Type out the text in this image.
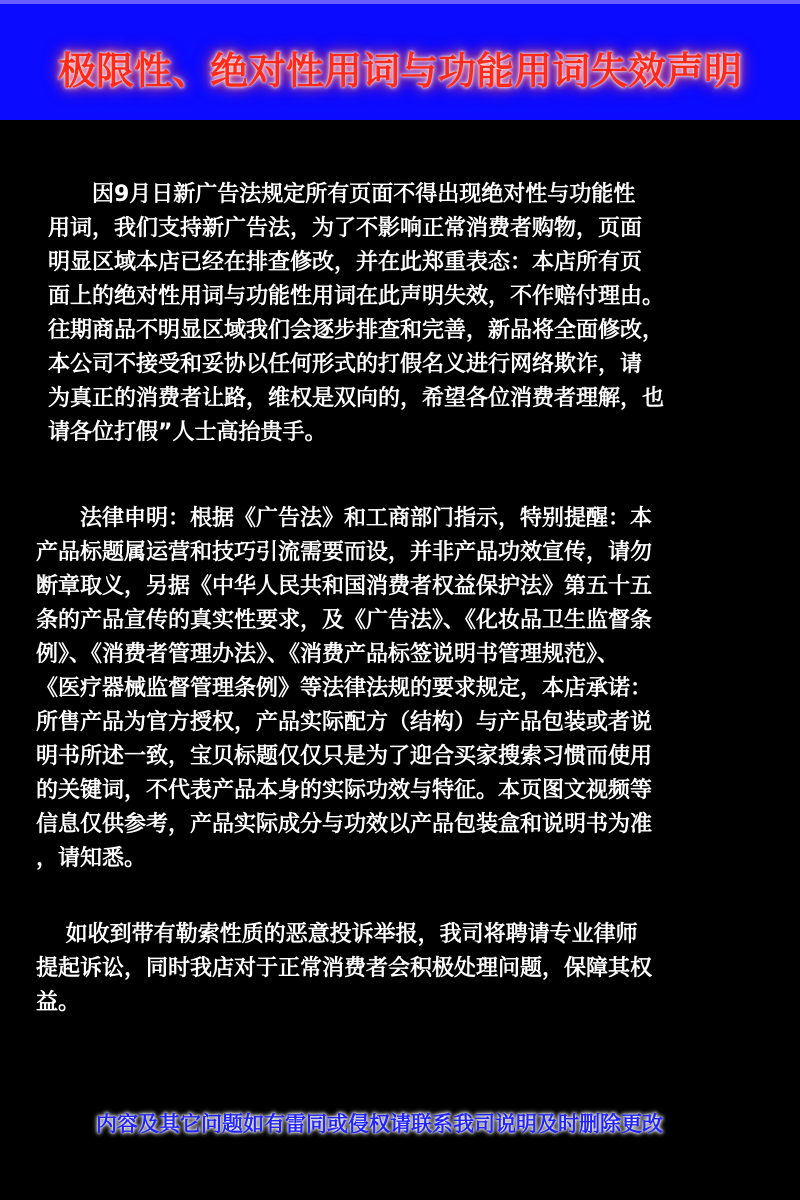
极限性、绝对性用词与功能用词失效声明
　　因9月日新广告法规定所有页面不得出现绝对性与功能性
用词，我们支持新广告法，为了不影响正常消费者购物，页面
明显区域本店已经在排查修改，并在此郑重表态：本店所有页
面上的绝对性用词与功能性用词在此声明失效，不作赔付理由。
往期商品不明显区域我们会逐步排查和完善，新品将全面修改，
本公司不接受和妥协以任何形式的打假名义进行网络欺诈，请
为真正的消费者让路，维权是双向的，希望各位消费者理解，也
请各位打假”人士高抬贵手。
　　法律申明：根据《广告法》和工商部门指示，特别提醒：本
产品标题属运营和技巧引流需要而设，并非产品功效宣传，请勿
断章取义，另据《中华人民共和国消费者权益保护法》第五十五
条的产品宣传的真实性要求，及《广告法》、《化妆品卫生监督条
例》、《消费者管理办法》、《消费产品标签说明书管理规范》、
《医疗器械监督管理条例》等法律法规的要求规定，本店承诺：
所售产品为官方授权，产品实际配方（结构）与产品包装或者说
明书所述一致，宝贝标题仅仅只是为了迎合买家搜索习惯而使用
的关键词，不代表产品本身的实际功效与特征。本页图文视频等
信息仅供参考，产品实际成分与功效以产品包装盒和说明书为准
，请知悉。
　 如收到带有勒索性质的恶意投诉举报，我司将聘请专业律师
提起诉讼，同时我店对于正常消费者会积极处理问题，保障其权
益。
内容及其它问题如有雷同或侵权请联系我司说明及时删除更改
